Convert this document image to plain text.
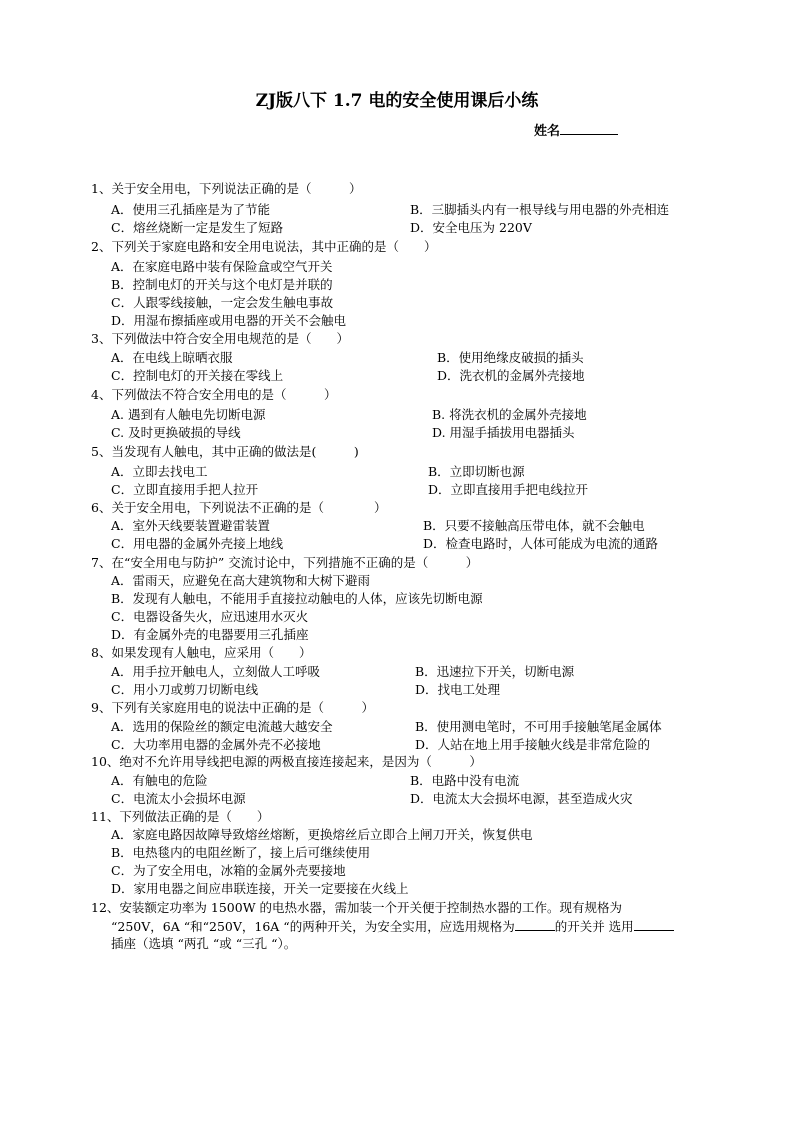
ZJ版八下 1.7 电的安全使用课后小练
姓名
1、关于安全用电，下列说法正确的是（　　　）
A．使用三孔插座是为了节能	B．三脚插头内有一根导线与用电器的外壳相连
C．熔丝烧断一定是发生了短路	D．安全电压为 220V
2、下列关于家庭电路和安全用电说法，其中正确的是（　　）
A．在家庭电路中装有保险盒或空气开关
B．控制电灯的开关与这个电灯是并联的
C．人跟零线接触，一定会发生触电事故
D．用湿布擦插座或用电器的开关不会触电
3、下列做法中符合安全用电规范的是（　　）
A．在电线上晾晒衣服	B．使用绝缘皮破损的插头
C．控制电灯的开关接在零线上	D．洗衣机的金属外壳接地
4、下列做法不符合安全用电的是（　　　）
A. 遇到有人触电先切断电源	B. 将洗衣机的金属外壳接地
C. 及时更换破损的导线	D. 用湿手插拔用电器插头
5、当发现有人触电，其中正确的做法是(　　　)
A．立即去找电工	B．立即切断也源
C．立即直接用手把人拉开	D．立即直接用手把电线拉开
6、关于安全用电，下列说法不正确的是（　　　　）
A．室外天线要装置避雷装置	B．只要不接触高压带电体，就不会触电
C．用电器的金属外壳接上地线	D．检查电路时，人体可能成为电流的通路
7、在“安全用电与防护” 交流讨论中，下列措施不正确的是（　　　）
A．雷雨天，应避免在高大建筑物和大树下避雨
B．发现有人触电，不能用手直接拉动触电的人体，应该先切断电源
C．电器设备失火，应迅速用水灭火
D．有金属外壳的电器要用三孔插座
8、如果发现有人触电，应采用（　　）
A．用手拉开触电人，立刻做人工呼吸	B．迅速拉下开关，切断电源
C．用小刀或剪刀切断电线	D．找电工处理
9、下列有关家庭用电的说法中正确的是（　　　）
A．选用的保险丝的额定电流越大越安全	B．使用测电笔时，不可用手接触笔尾金属体
C．大功率用电器的金属外壳不必接地	D．人站在地上用手接触火线是非常危险的
10、绝对不允许用导线把电源的两极直接连接起来，是因为（　　　）
A．有触电的危险	B．电路中没有电流
C．电流太小会损坏电源	D．电流太大会损坏电源，甚至造成火灾
11、下列做法正确的是（　　）
A．家庭电路因故障导致熔丝熔断，更换熔丝后立即合上闸刀开关，恢复供电
B．电热毯内的电阻丝断了，接上后可继续使用
C．为了安全用电，冰箱的金属外壳要接地
D．家用电器之间应串联连接，开关一定要接在火线上
12、安装额定功率为 1500W 的电热水器，需加装一个开关便于控制热水器的工作。现有规格为
“250V，6A “和“250V，16A “的两种开关，为安全实用，应选用规格为	的开关并 选用
插座（选填 “两孔 “或 “三孔 “）。
